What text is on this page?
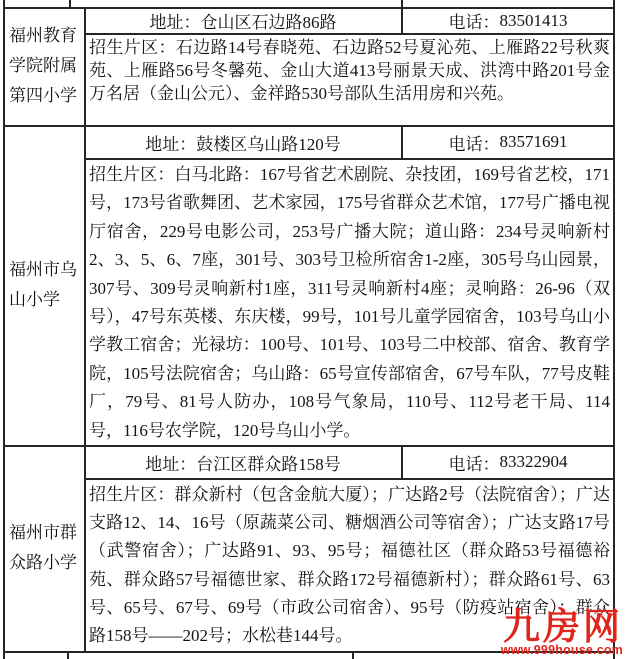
福州教育学院附属第四小学
地址： 仓山区石边路86路	电话： 83501413
招生片区：石边路14号春晓苑、石边路52号夏沁苑、上雁路22号秋爽苑、上雁路56号冬馨苑、金山大道413号丽景天成、洪湾中路201号金万名居（金山公元）、金祥路530号部队生活用房和兴苑。
福州市乌山小学
地址： 鼓楼区乌山路120号	电话： 83571691
招生片区：白马北路：167号省艺术剧院、杂技团，169号省艺校，171号，173号省歌舞团、艺术家园，175号省群众艺术馆，177号广播电视厅宿舍，229号电影公司，253号广播大院；道山路：234号灵响新村2、3、5、6、7座，301号、303号卫检所宿舍1-2座，305号乌山园景，307号、309号灵响新村1座，311号灵响新村4座；灵响路：26-96（双号），47号东英楼、东庆楼，99号，101号儿童学园宿舍，103号乌山小学教工宿舍；光禄坊：100号、101号、103号二中校部、宿舍、教育学院，105号法院宿舍；乌山路：65号宣传部宿舍，67号车队，77号皮鞋厂，79号、81号人防办，108号气象局，110号、112号老干局、114号，116号农学院，120号乌山小学。
福州市群众路小学
地址： 台江区群众路158号	电话： 83322904
招生片区：群众新村（包含金航大厦）；广达路2号（法院宿舍）；广达支路12、14、16号（原蔬菜公司、糖烟酒公司等宿舍）；广达支路17号（武警宿舍）；广达路91、93、95号；福德社区（群众路53号福德裕苑、群众路57号福德世家、群众路172号福德新村）；群众路61号、63号、65号、67号、69号（市政公司宿舍）、95号（防疫站宿舍）；群众路158号——202号；水松巷144号。	九房网
www.999house.com
